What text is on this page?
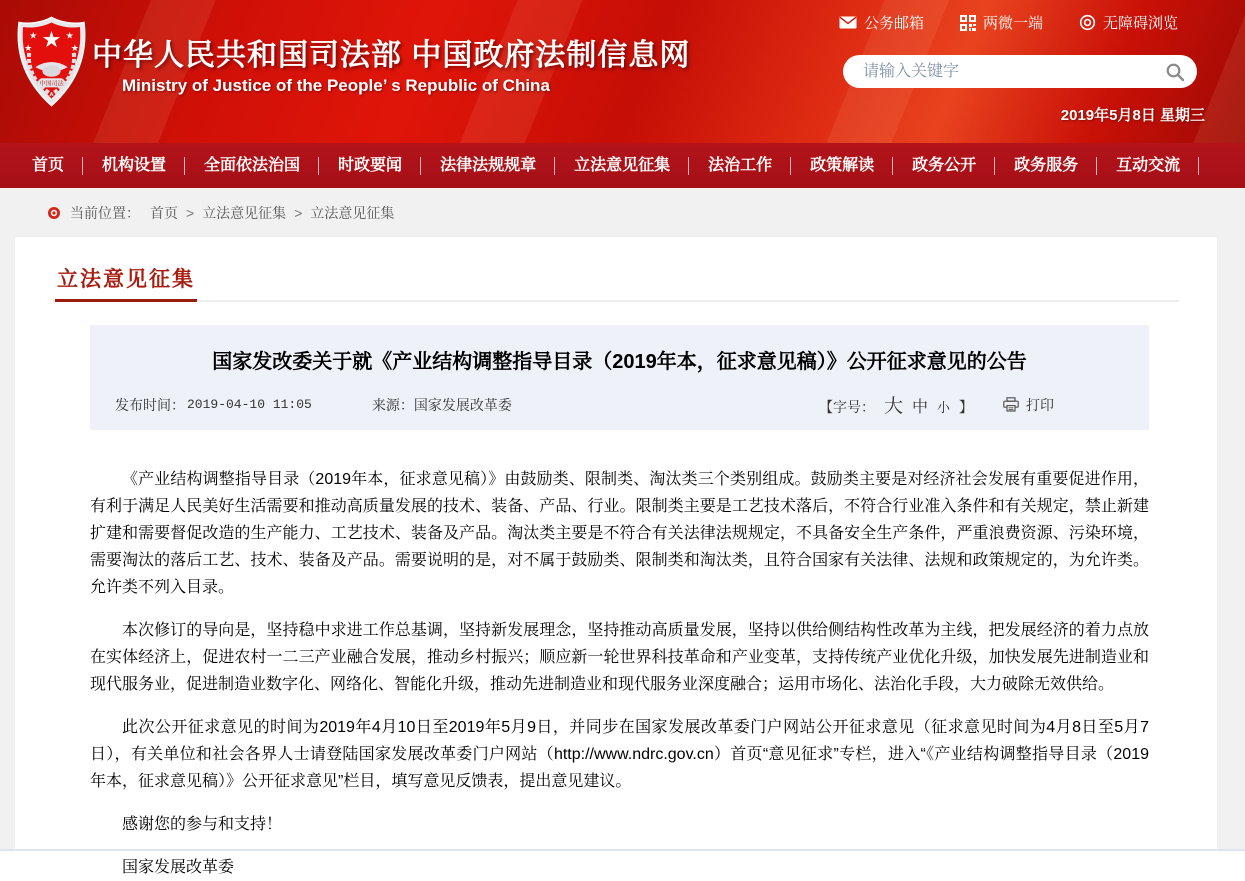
★
★	★
★	★
中国司法
中华人民共和国司法部 中国政府法制信息网
Ministry of Justice of the People’ s Republic of China
公务邮箱	两微一端	无障碍浏览
请输入关键字
2019年5月8日 星期三
首页	机构设置	全面依法治国	时政要闻	法律法规规章	立法意见征集	法治工作	政策解读	政务公开	政务服务	互动交流
当前位置： 首页 > 立法意见征集 > 立法意见征集
立法意见征集
国家发改委关于就《产业结构调整指导目录（2019年本，征求意见稿）》公开征求意见的公告
发布时间： 2019-04-10 11:05	来源： 国家发展改革委	【字号： 大 中 小 】	打印

《产业结构调整指导目录（2019年本，征求意见稿）》由鼓励类、限制类、淘汰类三个类别组成。鼓励类主要是对经济社会发展有重要促进作用，有利于满足人民美好生活需要和推动高质量发展的技术、装备、产品、行业。限制类主要是工艺技术落后，不符合行业准入条件和有关规定，禁止新建扩建和需要督促改造的生产能力、工艺技术、装备及产品。淘汰类主要是不符合有关法律法规规定，不具备安全生产条件，严重浪费资源、污染环境，需要淘汰的落后工艺、技术、装备及产品。需要说明的是，对不属于鼓励类、限制类和淘汰类，且符合国家有关法律、法规和政策规定的，为允许类。允许类不列入目录。

本次修订的导向是，坚持稳中求进工作总基调，坚持新发展理念，坚持推动高质量发展，坚持以供给侧结构性改革为主线，把发展经济的着力点放在实体经济上，促进农村一二三产业融合发展，推动乡村振兴；顺应新一轮世界科技革命和产业变革，支持传统产业优化升级，加快发展先进制造业和现代服务业，促进制造业数字化、网络化、智能化升级，推动先进制造业和现代服务业深度融合；运用市场化、法治化手段，大力破除无效供给。

此次公开征求意见的时间为2019年4月10日至2019年5月9日，并同步在国家发展改革委门户网站公开征求意见（征求意见时间为4月8日至5月7日），有关单位和社会各界人士请登陆国家发展改革委门户网站（http://www.ndrc.gov.cn）首页“意见征求”专栏，进入“《产业结构调整指导目录（2019年本，征求意见稿）》公开征求意见”栏目，填写意见反馈表，提出意见建议。

感谢您的参与和支持！

国家发展改革委
